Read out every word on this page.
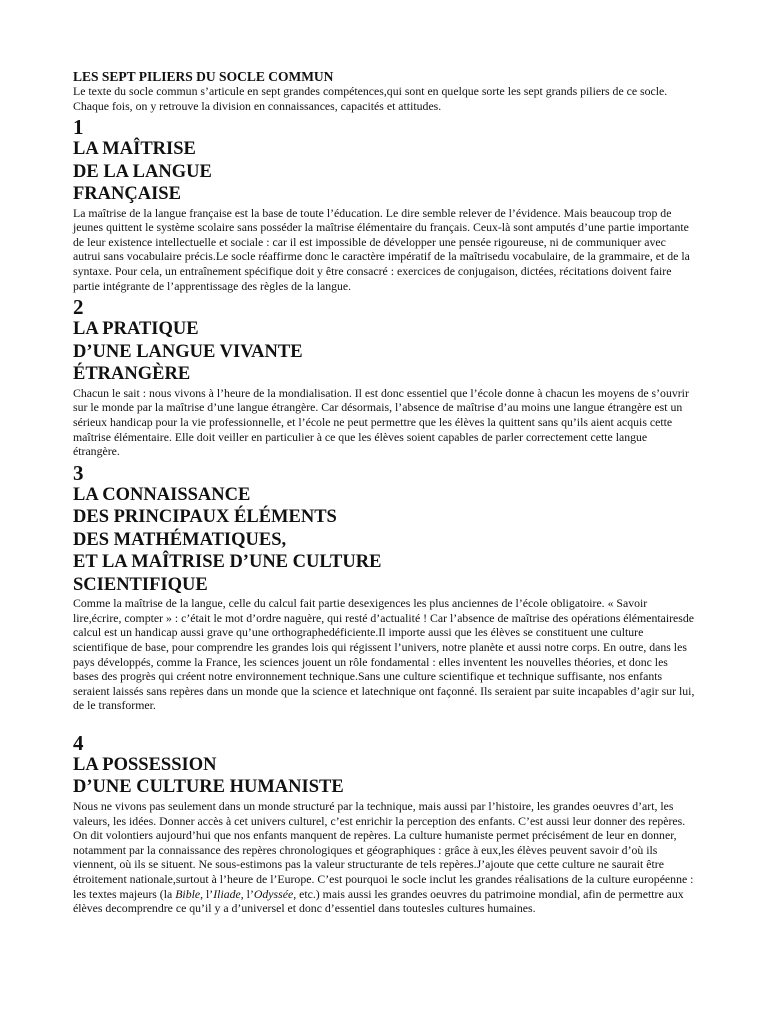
LES SEPT PILIERS DU SOCLE COMMUN

Le texte du socle commun s’articule en sept grandes compétences,qui sont en quelque sorte les sept grands piliers de ce socle. Chaque fois, on y retrouve la division en connaissances, capacités et attitudes.

1
LA MAÎTRISE
DE LA LANGUE
FRANÇAISE

La maîtrise de la langue française est la base de toute l’éducation. Le dire semble relever de l’évidence. Mais beaucoup trop de jeunes quittent le système scolaire sans posséder la maîtrise élémentaire du français. Ceux-là sont amputés d’une partie importante de leur existence intellectuelle et sociale : car il est impossible de développer une pensée rigoureuse, ni de communiquer avec autrui sans vocabulaire précis.Le socle réaffirme donc le caractère impératif de la maîtrisedu vocabulaire, de la grammaire, et de la syntaxe. Pour cela, un entraînement spécifique doit y être consacré : exercices de conjugaison, dictées, récitations doivent faire partie intégrante de l’apprentissage des règles de la langue.

2
LA PRATIQUE
D’UNE LANGUE VIVANTE
ÉTRANGÈRE

Chacun le sait : nous vivons à l’heure de la mondialisation. Il est donc essentiel que l’école donne à chacun les moyens de s’ouvrir sur le monde par la maîtrise d’une langue étrangère. Car désormais, l’absence de maîtrise d’au moins une langue étrangère est un sérieux handicap pour la vie professionnelle, et l’école ne peut permettre que les élèves la quittent sans qu’ils aient acquis cette maîtrise élémentaire. Elle doit veiller en particulier à ce que les élèves soient capables de parler correctement cette langue étrangère.

3
LA CONNAISSANCE
DES PRINCIPAUX ÉLÉMENTS
DES MATHÉMATIQUES,
ET LA MAÎTRISE D’UNE CULTURE
SCIENTIFIQUE

Comme la maîtrise de la langue, celle du calcul fait partie desexigences les plus anciennes de l’école obligatoire. « Savoir lire,écrire, compter » : c’était le mot d’ordre naguère, qui resté d’actualité ! Car l’absence de maîtrise des opérations élémentairesde calcul est un handicap aussi grave qu’une orthographedéficiente.Il importe aussi que les élèves se constituent une culture scientifique de base, pour comprendre les grandes lois qui régissent l’univers, notre planète et aussi notre corps. En outre, dans les pays développés, comme la France, les sciences jouent un rôle fondamental : elles inventent les nouvelles théories, et donc les bases des progrès qui créent notre environnement technique.Sans une culture scientifique et technique suffisante, nos enfants seraient laissés sans repères dans un monde que la science et latechnique ont façonné. Ils seraient par suite incapables d’agir sur lui, de le transformer.

4
LA POSSESSION
D’UNE CULTURE HUMANISTE

Nous ne vivons pas seulement dans un monde structuré par la technique, mais aussi par l’histoire, les grandes oeuvres d’art, les valeurs, les idées. Donner accès à cet univers culturel, c’est enrichir la perception des enfants. C’est aussi leur donner des repères. On dit volontiers aujourd’hui que nos enfants manquent de repères. La culture humaniste permet précisément de leur en donner, notamment par la connaissance des repères chronologiques et géographiques : grâce à eux,les élèves peuvent savoir d’où ils viennent, où ils se situent. Ne sous-estimons pas la valeur structurante de tels repères.J’ajoute que cette culture ne saurait être étroitement nationale,surtout à l’heure de l’Europe. C’est pourquoi le socle inclut les grandes réalisations de la culture européenne : les textes majeurs (la Bible, l’Iliade, l’Odyssée, etc.) mais aussi les grandes oeuvres du patrimoine mondial, afin de permettre aux élèves decomprendre ce qu’il y a d’universel et donc d’essentiel dans toutesles cultures humaines.
